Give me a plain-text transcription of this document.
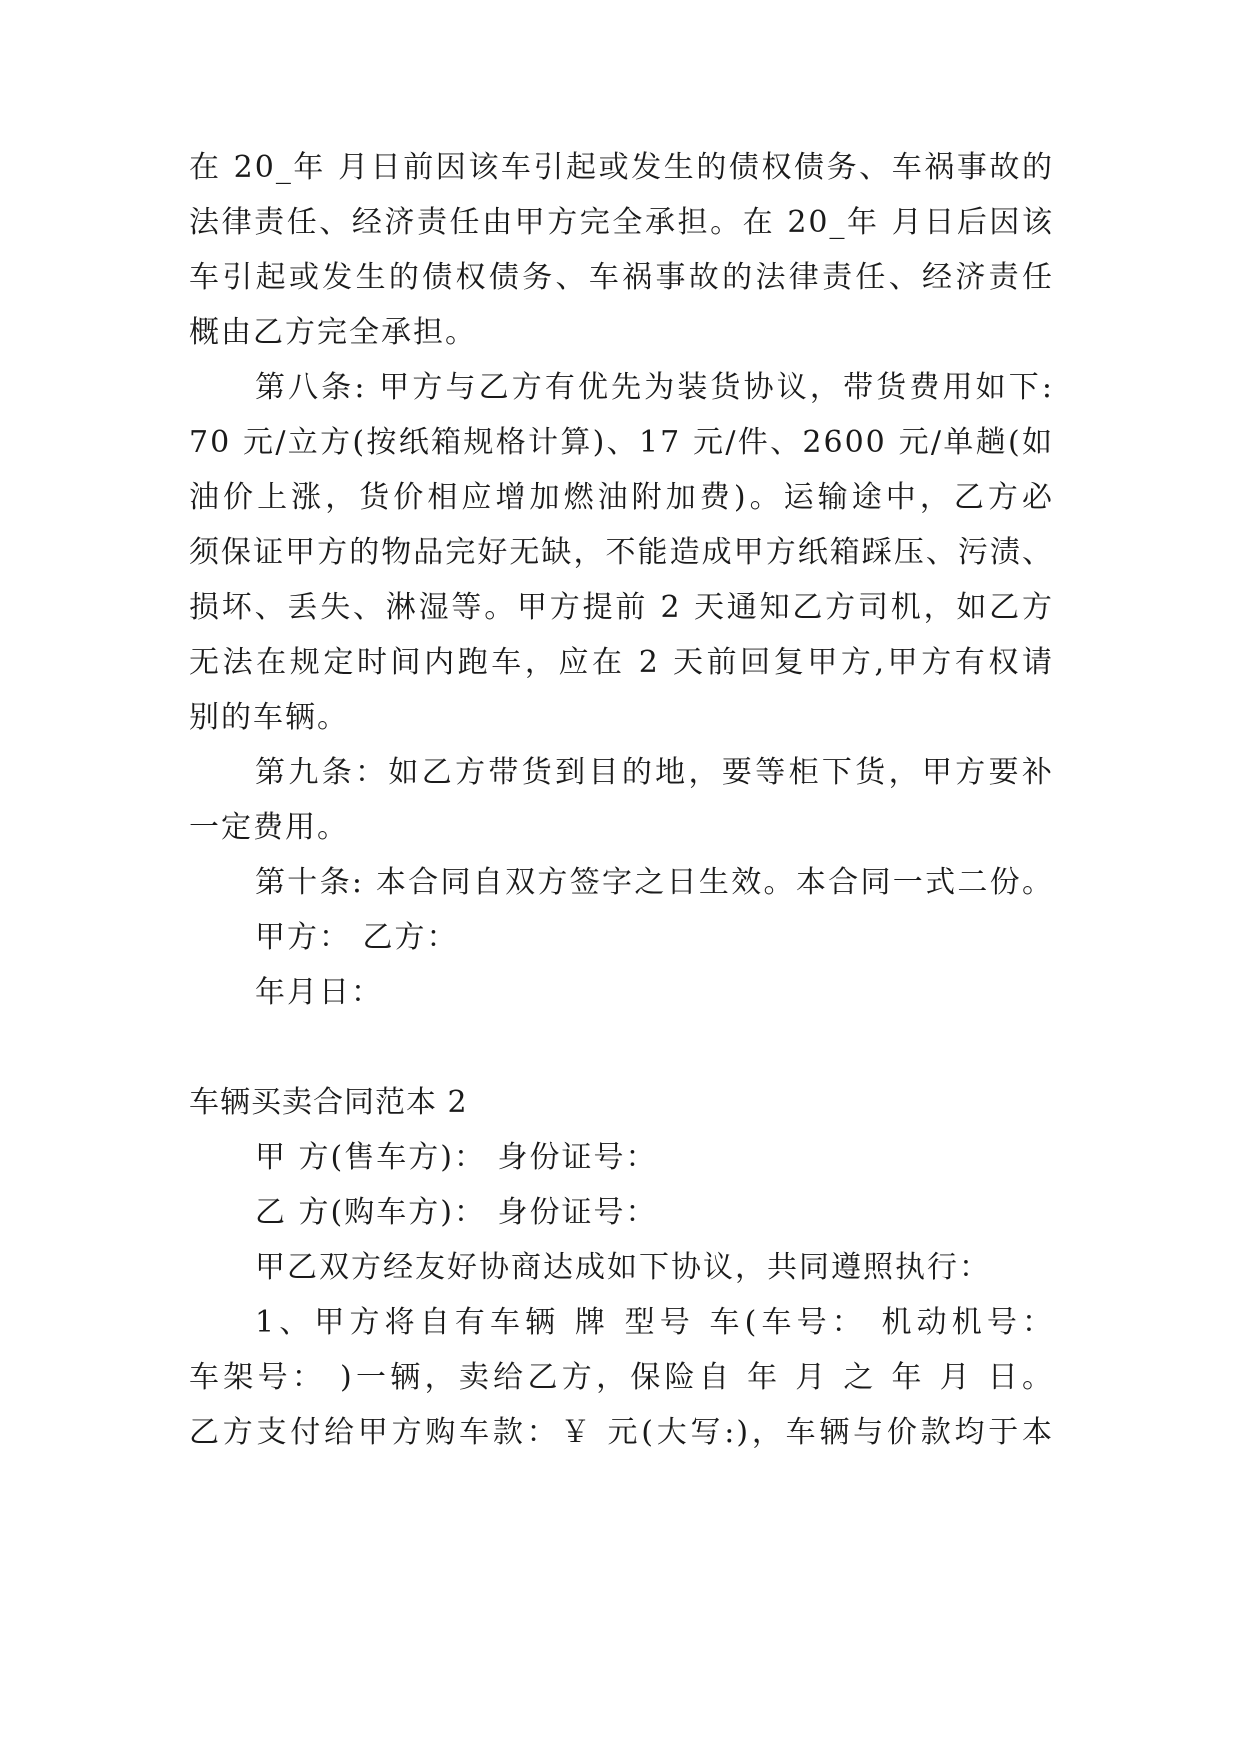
在 20_年 月日前因该车引起或发生的债权债务、车祸事故的
法律责任、经济责任由甲方完全承担。在 20_年 月日后因该
车引起或发生的债权债务、车祸事故的法律责任、经济责任
概由乙方完全承担。
第八条: 甲方与乙方有优先为装货协议，带货费用如下:
70 元/立方(按纸箱规格计算)、17 元/件、2600 元/单趟(如
油价上涨，货价相应增加燃油附加费)。运输途中，乙方必
须保证甲方的物品完好无缺，不能造成甲方纸箱踩压、污渍、
损坏、丢失、淋湿等。甲方提前 2 天通知乙方司机，如乙方
无法在规定时间内跑车，应在 2 天前回复甲方,甲方有权请
别的车辆。
第九条：如乙方带货到目的地，要等柜下货，甲方要补
一定费用。
第十条: 本合同自双方签字之日生效。本合同一式二份。
甲方： 乙方：
年月日：
车辆买卖合同范本 2
甲 方(售车方)： 身份证号：
乙 方(购车方)： 身份证号：
甲乙双方经友好协商达成如下协议，共同遵照执行：
1、甲方将自有车辆 牌 型号 车(车号： 机动机号：
车架号： )一辆，卖给乙方，保险自 年 月 之 年 月 日。
乙方支付给甲方购车款：￥ 元(大写:)，车辆与价款均于本
